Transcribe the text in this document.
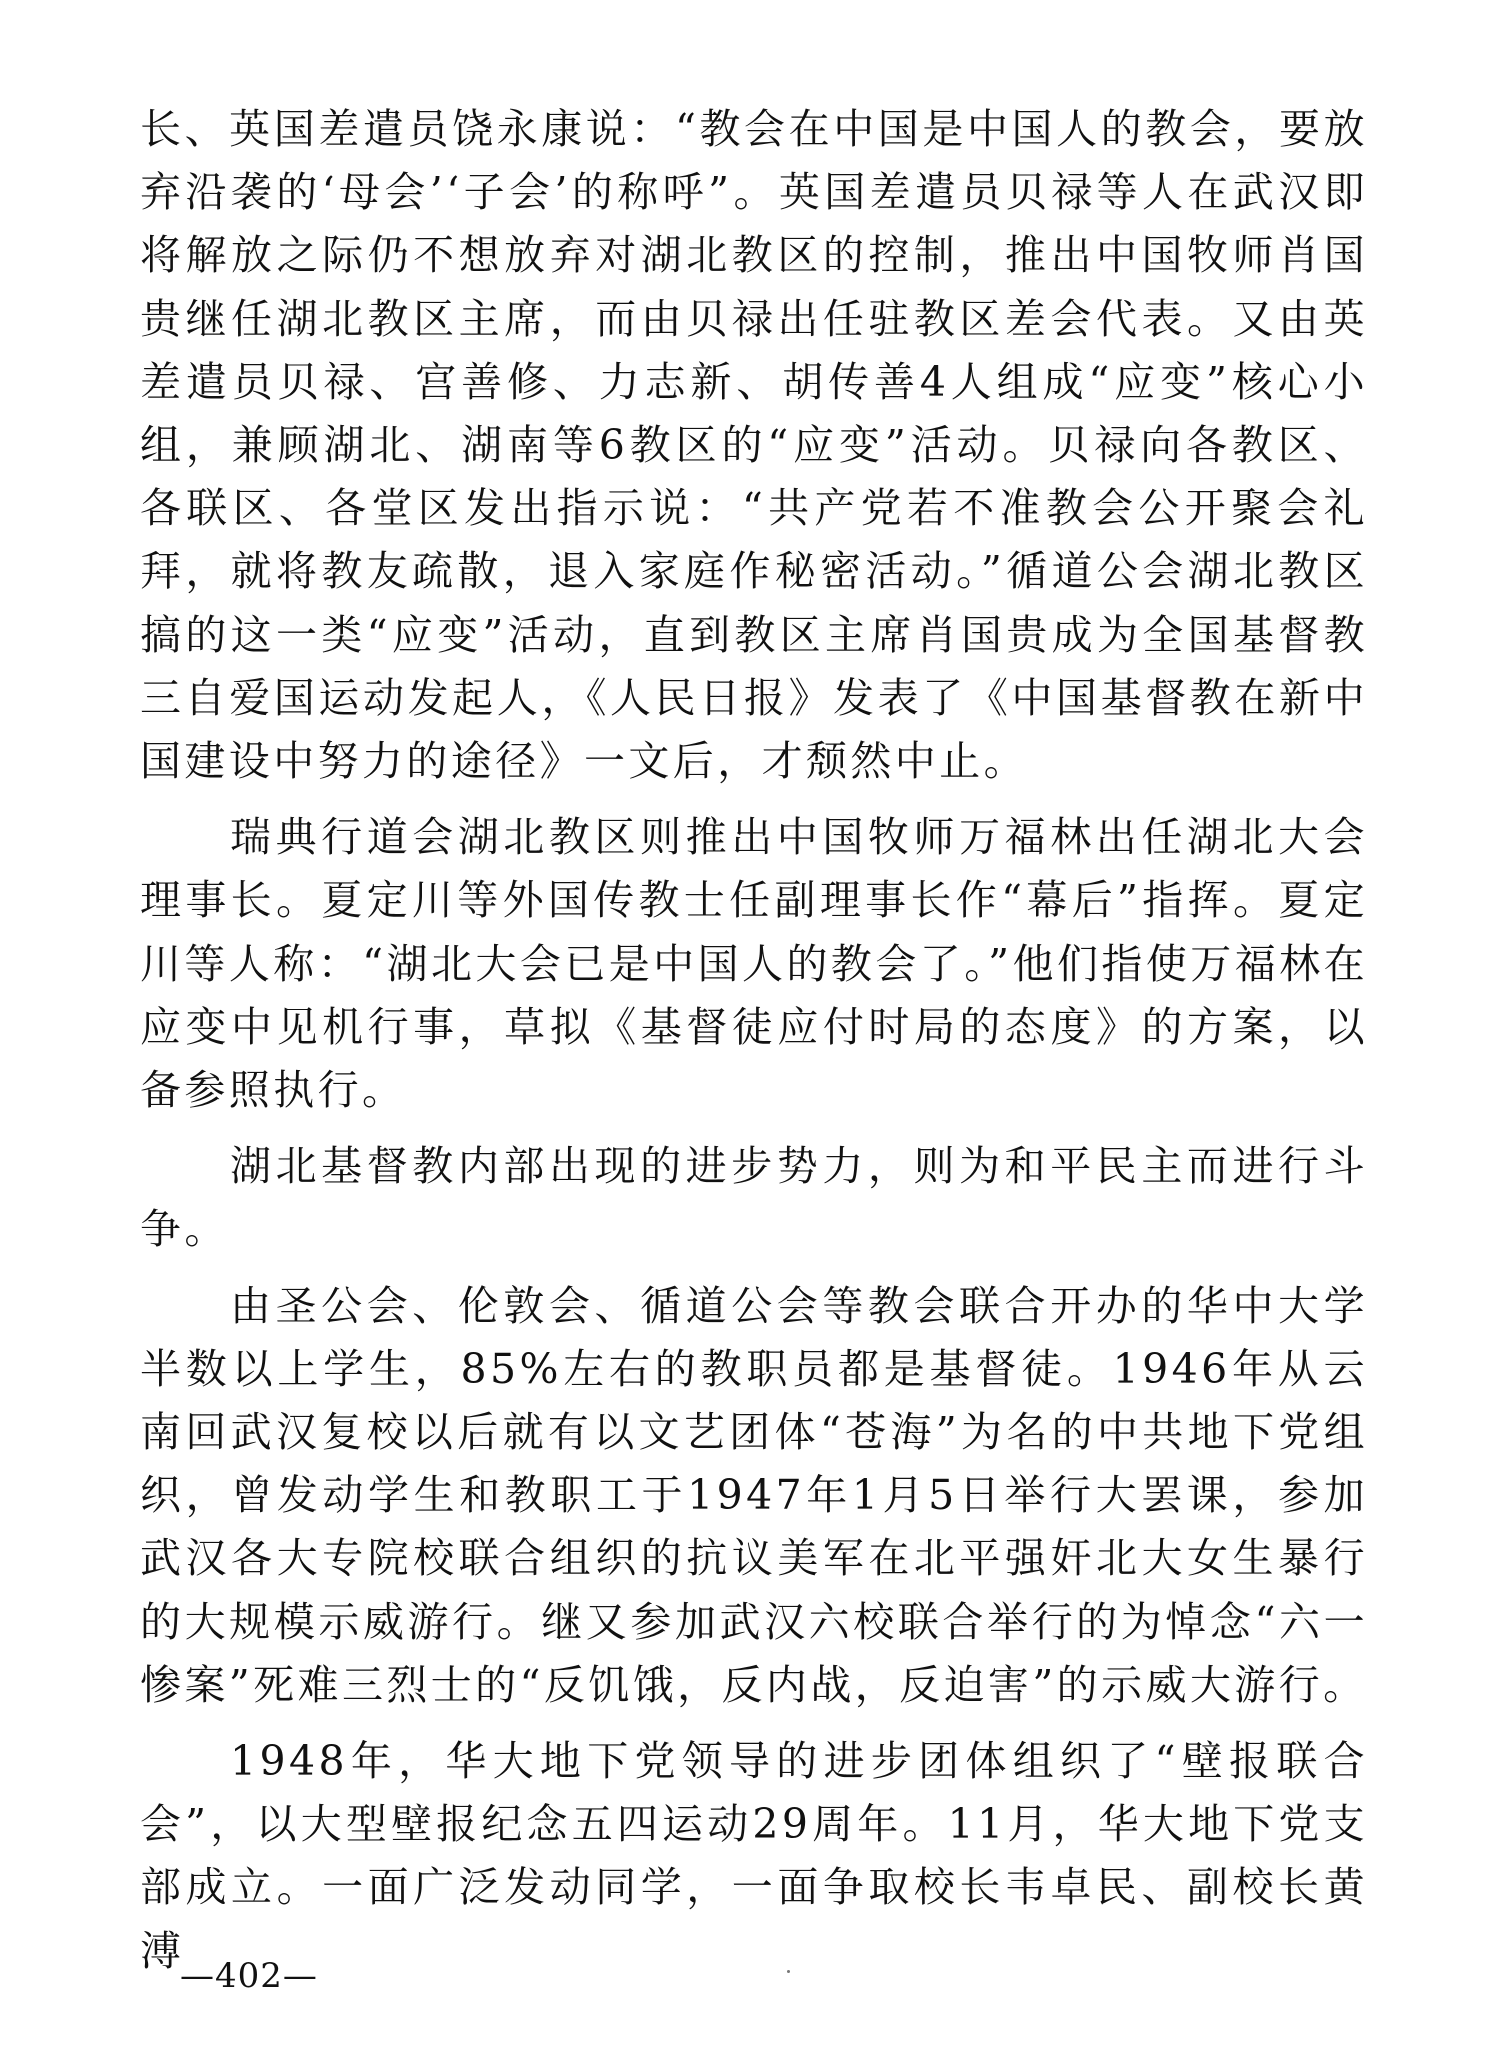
长、英国差遣员饶永康说：“教会在中国是中国人的教会，要放弃沿袭的‘母会’‘子会’的称呼”。英国差遣员贝禄等人在武汉即将解放之际仍不想放弃对湖北教区的控制，推出中国牧师肖国贵继任湖北教区主席，而由贝禄出任驻教区差会代表。又由英差遣员贝禄、宫善修、力志新、胡传善4人组成“应变”核心小组，兼顾湖北、湖南等6教区的“应变”活动。贝禄向各教区、各联区、各堂区发出指示说：“共产党若不准教会公开聚会礼拜，就将教友疏散，退入家庭作秘密活动。”循道公会湖北教区搞的这一类“应变”活动，直到教区主席肖国贵成为全国基督教三自爱国运动发起人，《人民日报》发表了《中国基督教在新中国建设中努力的途径》一文后，才颓然中止。

瑞典行道会湖北教区则推出中国牧师万福林出任湖北大会理事长。夏定川等外国传教士任副理事长作“幕后”指挥。夏定川等人称：“湖北大会已是中国人的教会了。”他们指使万福林在应变中见机行事，草拟《基督徒应付时局的态度》的方案，以备参照执行。

湖北基督教内部出现的进步势力，则为和平民主而进行斗争。

由圣公会、伦敦会、循道公会等教会联合开办的华中大学半数以上学生，85%左右的教职员都是基督徒。1946年从云南回武汉复校以后就有以文艺团体“苍海”为名的中共地下党组织，曾发动学生和教职工于1947年1月5日举行大罢课，参加武汉各大专院校联合组织的抗议美军在北平强奸北大女生暴行的大规模示威游行。继又参加武汉六校联合举行的为悼念“六一惨案”死难三烈士的“反饥饿，反内战，反迫害”的示威大游行。

1948年，华大地下党领导的进步团体组织了“壁报联合会”，以大型壁报纪念五四运动29周年。11月，华大地下党支部成立。一面广泛发动同学，一面争取校长韦卓民、副校长黄溥

—402—
